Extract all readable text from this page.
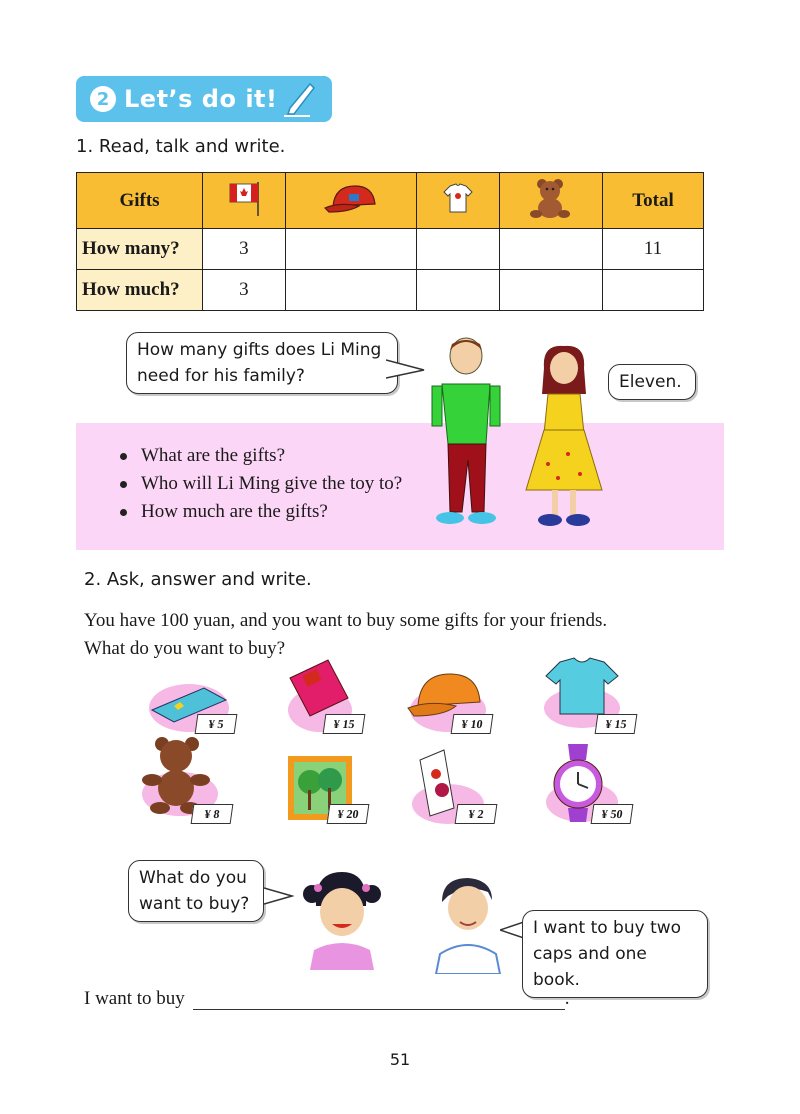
2 Let’s do it!
1. Read, talk and write.
Gifts					Total
How many?	3				11
How much?	3				
What are the gifts?
Who will Li Ming give the toy to?
How much are the gifts?
How many gifts does Li Ming
need for his family?	Eleven.
2. Ask, answer and write.
You have 100 yuan, and you want to buy some gifts for your friends.
What do you want to buy?
¥ 5	¥ 15	¥ 10	¥ 15
¥ 8	¥ 20	¥ 2	¥ 50
What do you
want to buy?
I want to buy two
caps and one book.
I want to buy	.
51
